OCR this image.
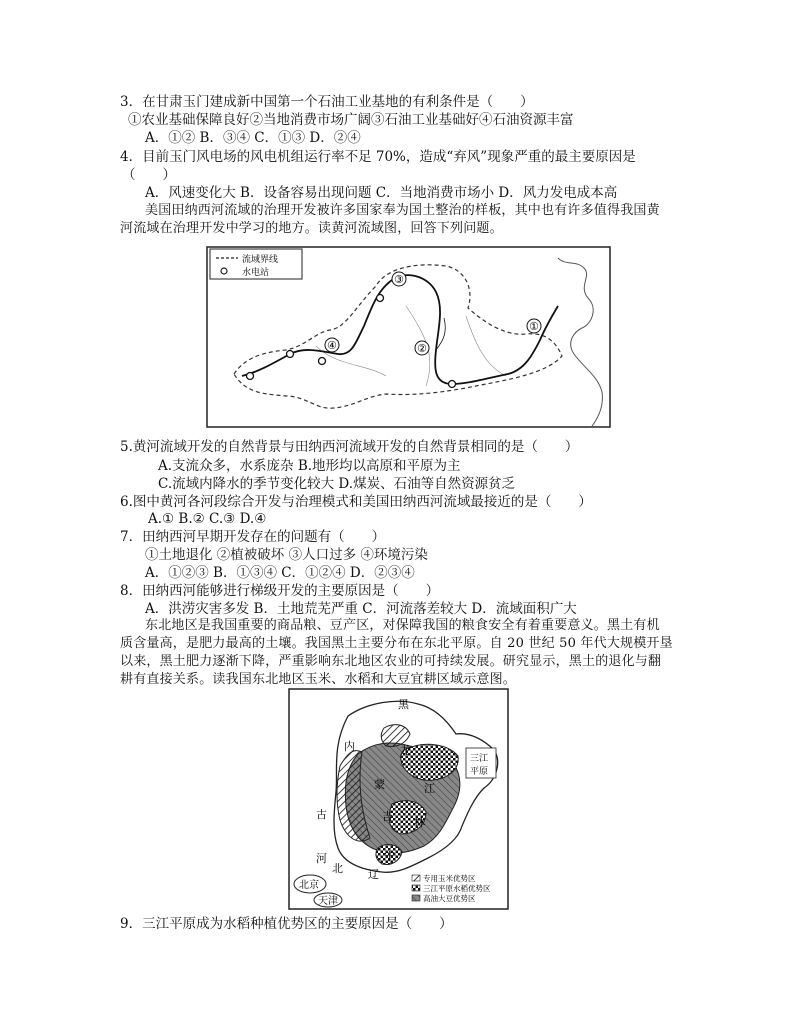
3．在甘肃玉门建成新中国第一个石油工业基地的有利条件是（　　）
①农业基础保障良好②当地消费市场广阔③石油工业基础好④石油资源丰富
A．①② B．③④ C．①③ D．②④
4．目前玉门风电场的风电机组运行率不足 70%，造成“弃风”现象严重的最主要原因是
（　　）
A．风速变化大 B．设备容易出现问题 C．当地消费市场小 D．风力发电成本高
美国田纳西河流域的治理开发被许多国家奉为国土整治的样板，其中也有许多值得我国黄
河流域在治理开发中学习的地方。读黄河流域图，回答下列问题。
流域界线
水电站	③
②
④
①
5.黄河流域开发的自然背景与田纳西河流域开发的自然背景相同的是（　　）
A.支流众多，水系庞杂 B.地形均以高原和平原为主
C.流域内降水的季节变化较大 D.煤炭、石油等自然资源贫乏
6.图中黄河各河段综合开发与治理模式和美国田纳西河流域最接近的是（　　）
A.① B.② C.③ D.④
7．田纳西河早期开发存在的问题有（　　）
①土地退化 ②植被破坏 ③人口过多 ④环境污染
A．①②③ B．①③④ C．①②④ D．②③④
8．田纳西河能够进行梯级开发的主要原因是（　　）
A．洪涝灾害多发 B．土地荒芜严重 C．河流落差较大 D．流域面积广大
东北地区是我国重要的商品粮、豆产区，对保障我国的粮食安全有着重要意义。黑土有机
质含量高，是肥力最高的土壤。我国黑土主要分布在东北平原。自 20 世纪 50 年代大规模开垦
以来，黑土肥力逐渐下降，严重影响东北地区农业的可持续发展。研究显示，黑土的退化与翻
耕有直接关系。读我国东北地区玉米、水稻和大豆宜耕区域示意图。
黑
龙
江
内
蒙
古	吉 林
宁
辽
河
北
北京
天津
三江
平原
专用玉米优势区
三江平原水稻优势区
高油大豆优势区
9．三江平原成为水稻种植优势区的主要原因是（　　）
